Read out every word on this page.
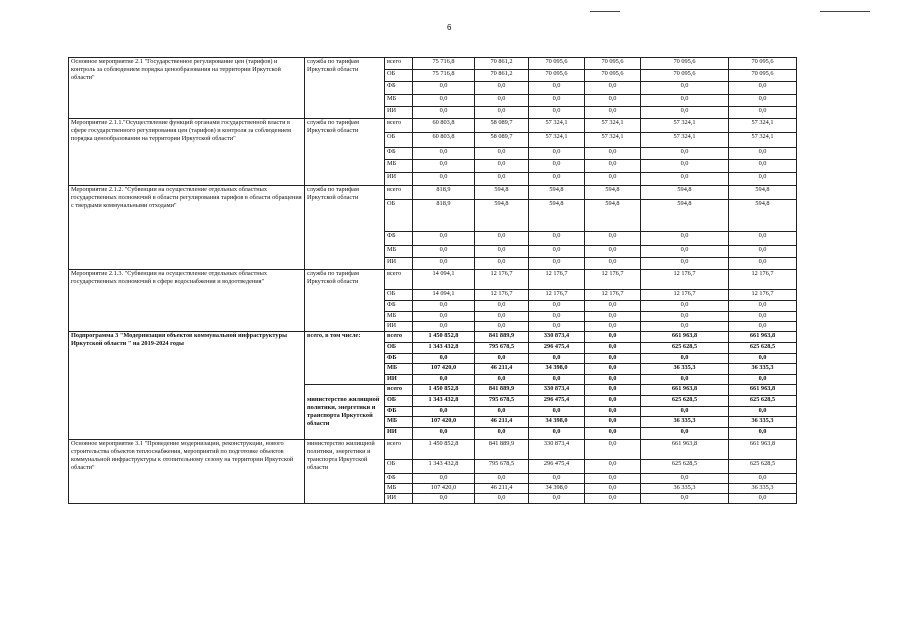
6
Основное мероприятие 2.1 "Государственное регулирование цен (тарифов) и контроль за соблюдением порядка ценообразования на территории Иркутской области"	служба по тарифам Иркутской области	всего	75 716,8	70 861,2	70 095,6	70 095,6	70 095,6	70 095,6
		ОБ	75 716,8	70 861,2	70 095,6	70 095,6	70 095,6	70 095,6
		ФБ	0,0	0,0	0,0	0,0	0,0	0,0
		МБ	0,0	0,0	0,0	0,0	0,0	0,0
		ИИ	0,0	0,0	0,0	0,0	0,0	0,0
Мероприятие 2.1.1."Осуществление функций органами государственной власти в сфере государственного регулирования цен (тарифов) и контроля за соблюдением порядка ценообразования на территории Иркутской области"	служба по тарифам Иркутской области	всего	60 803,8	58 089,7	57 324,1	57 324,1	57 324,1	57 324,1
		ОБ	60 803,8	58 089,7	57 324,1	57 324,1	57 324,1	57 324,1
		ФБ	0,0	0,0	0,0	0,0	0,0	0,0
		МБ	0,0	0,0	0,0	0,0	0,0	0,0
		ИИ	0,0	0,0	0,0	0,0	0,0	0,0
Мероприятие 2.1.2. "Субвенции на осуществление отдельных областных государственных полномочий в области регулирования тарифов в области обращения с твердыми коммунальными отходами"	служба по тарифам Иркутской области	всего	818,9	594,8	594,8	594,8	594,8	594,8
		ОБ	818,9	594,8	594,8	594,8	594,8	594,8
		ФБ	0,0	0,0	0,0	0,0	0,0	0,0
		МБ	0,0	0,0	0,0	0,0	0,0	0,0
		ИИ	0,0	0,0	0,0	0,0	0,0	0,0
Мероприятие 2.1.3. "Субвенции на осуществление отдельных областных государственных полномочий в сфере водоснабжения и водоотведения"	служба по тарифам Иркутской области	всего	14 094,1	12 176,7	12 176,7	12 176,7	12 176,7	12 176,7
		ОБ	14 094,1	12 176,7	12 176,7	12 176,7	12 176,7	12 176,7
		ФБ	0,0	0,0	0,0	0,0	0,0	0,0
		МБ	0,0	0,0	0,0	0,0	0,0	0,0
		ИИ	0,0	0,0	0,0	0,0	0,0	0,0
Подпрограмма 3 "Модернизация объектов коммунальной инфраструктуры Иркутской области " на 2019-2024 годы	всего, в том числе:	всего	1 450 852,8	841 889,9	330 873,4	0,0	661 963,8	661 963,8
		ОБ	1 343 432,8	795 678,5	296 475,4	0,0	625 628,5	625 628,5
		ФБ	0,0	0,0	0,0	0,0	0,0	0,0
		МБ	107 420,0	46 211,4	34 398,0	0,0	36 335,3	36 335,3
		ИИ	0,0	0,0	0,0	0,0	0,0	0,0
	министерство жилищной политики, энергетики и транспорта Иркутской области	всего	1 450 852,8	841 889,9	330 873,4	0,0	661 963,8	661 963,8
		ОБ	1 343 432,8	795 678,5	296 475,4	0,0	625 628,5	625 628,5
		ФБ	0,0	0,0	0,0	0,0	0,0	0,0
		МБ	107 420,0	46 211,4	34 398,0	0,0	36 335,3	36 335,3
		ИИ	0,0	0,0	0,0	0,0	0,0	0,0
Основное мероприятие 3.1 "Проведение модернизации, реконструкции, нового строительства объектов теплоснабжения, мероприятий по подготовке объектов коммунальной инфраструктуры к отопительному сезону на территории Иркутской области"	министерство жилищной политики, энергетики и транспорта Иркутской области	всего	1 450 852,8	841 889,9	330 873,4	0,0	661 963,8	661 963,8
		ОБ	1 343 432,8	795 678,5	296 475,4	0,0	625 628,5	625 628,5
		ФБ	0,0	0,0	0,0	0,0	0,0	0,0
		МБ	107 420,0	46 211,4	34 398,0	0,0	36 335,3	36 335,3
		ИИ	0,0	0,0	0,0	0,0	0,0	0,0
